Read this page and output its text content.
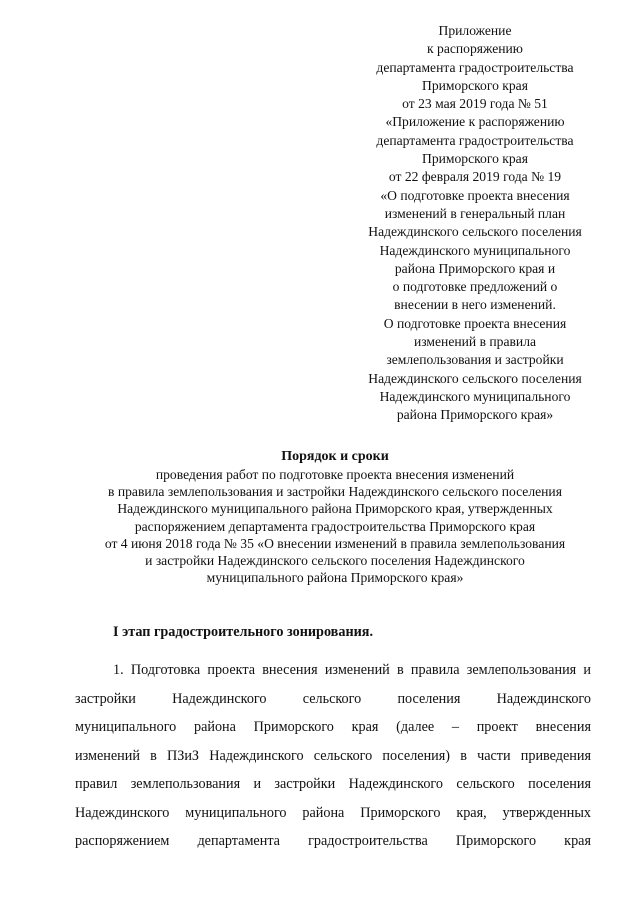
Приложение
к распоряжению
департамента градостроительства
Приморского края
от 23 мая 2019 года № 51
«Приложение к распоряжению
департамента градостроительства
Приморского края
от 22 февраля 2019 года № 19
«О подготовке проекта внесения
изменений в генеральный план
Надеждинского сельского поселения
Надеждинского муниципального
района Приморского края и
о подготовке предложений о
внесении в него изменений.
О подготовке проекта внесения
изменений в правила
землепользования и застройки
Надеждинского сельского поселения
Надеждинского муниципального
района Приморского края»
Порядок и сроки
проведения работ по подготовке проекта внесения изменений
в правила землепользования и застройки Надеждинского сельского поселения
Надеждинского муниципального района Приморского края, утвержденных
распоряжением департамента градостроительства Приморского края
от 4 июня 2018 года № 35 «О внесении изменений в правила землепользования
и застройки Надеждинского сельского поселения Надеждинского
муниципального района Приморского края»
I этап градостроительного зонирования.
1. Подготовка проекта внесения изменений в правила землепользования и
застройки Надеждинского сельского поселения Надеждинского
муниципального района Приморского края (далее – проект внесения
изменений в ПЗиЗ Надеждинского сельского поселения) в части приведения
правил землепользования и застройки Надеждинского сельского поселения
Надеждинского муниципального района Приморского края, утвержденных
распоряжением департамента градостроительства Приморского края
